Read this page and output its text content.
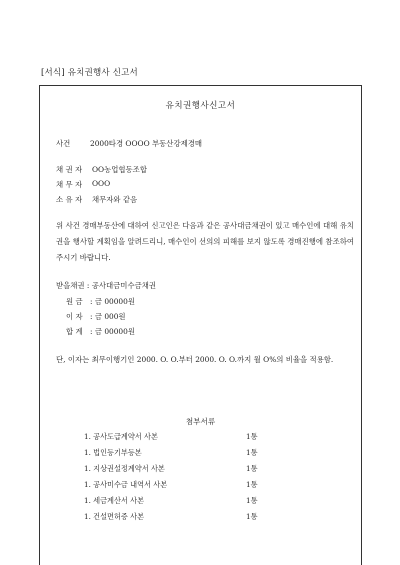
[서식] 유치권행사 신고서
유치권행사신고서
사건	2000타경 OOOO 부동산강제경매
채 권 자 OO농업협동조합
채 무 자 OOO
소 유 자 채무자와 같음
위 사건 경매부동산에 대하여 신고인은 다음과 같은 공사대금채권이 있고 매수인에 대해 유치권을 행사할 계획임을 알려드리니, 매수인이 선의의 피해를 보지 않도록 경매진행에 참조하여 주시기 바랍니다.
받을채권 : 공사대금미수금채권
원 금 : 금 00000원
이 자 : 금 000원
합 계 : 금 00000원
단, 이자는 최무이행기인 2000. O. O.부터 2000. O. O.까지 월 O%의 비율을 적용함.
첨부서류
1. 공사도급계약서 사본	1통
1. 법인등기부등본	1통
1. 지상권설정계약서 사본	1통
1. 공사미수금 내역서 사본	1통
1. 세금계산서 사본	1통
1. 건설면허증 사본	1통
